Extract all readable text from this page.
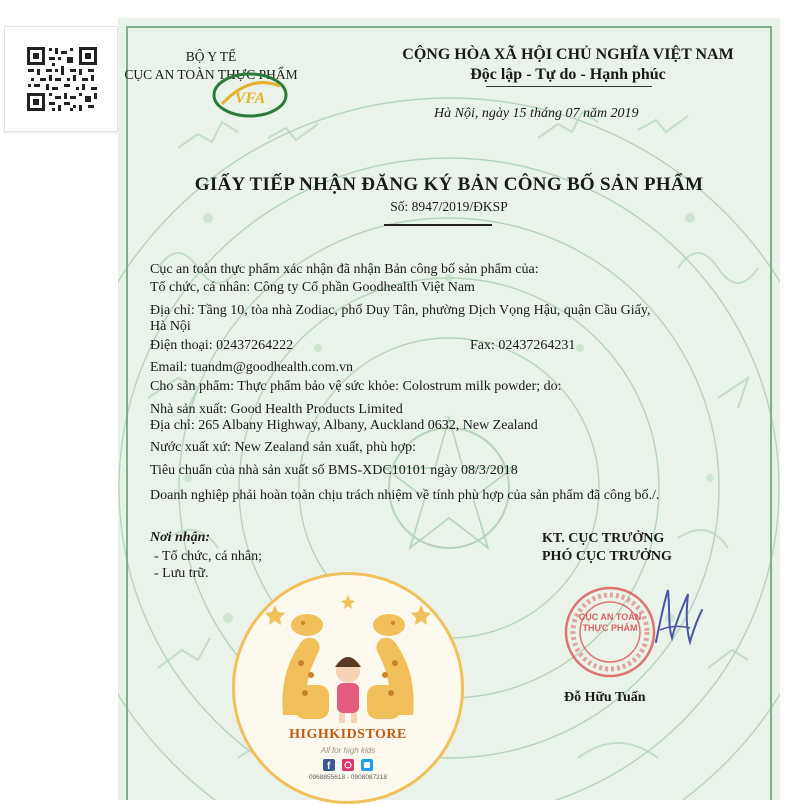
BỘ Y TẾ
CỤC AN TOÀN THỰC PHẨM
VFA
CỘNG HÒA XÃ HỘI CHỦ NGHĨA VIỆT NAM
Độc lập - Tự do - Hạnh phúc
Hà Nội, ngày 15 tháng 07 năm 2019
GIẤY TIẾP NHẬN ĐĂNG KÝ BẢN CÔNG BỐ SẢN PHẨM
Số: 8947/2019/ĐKSP
Cục an toàn thực phẩm xác nhận đã nhận Bản công bố sản phẩm của:
Tổ chức, cá nhân: Công ty Cổ phần Goodhealth Việt Nam
Địa chỉ: Tầng 10, tòa nhà Zodiac, phố Duy Tân, phường Dịch Vọng Hậu, quận Cầu Giấy,
Hà Nội
Điện thoại: 02437264222	Fax: 02437264231
Email: tuandm@goodhealth.com.vn
Cho sản phẩm: Thực phẩm bảo vệ sức khỏe: Colostrum milk powder; do:
Nhà sản xuất: Good Health Products Limited
Địa chỉ: 265 Albany Highway, Albany, Auckland 0632, New Zealand
Nước xuất xứ: New Zealand sản xuất, phù hợp:
Tiêu chuẩn của nhà sản xuất số BMS-XDC10101 ngày 08/3/2018
Doanh nghiệp phải hoàn toàn chịu trách nhiệm về tính phù hợp của sản phẩm đã công bố./.
Nơi nhận:
- Tổ chức, cá nhân;
- Lưu trữ.
KT. CỤC TRƯỞNG
PHÓ CỤC TRƯỞNG
CỤC AN TOÀN THỰC PHẨM
Đỗ Hữu Tuấn
HIGHKIDSTORE
All for high kids
f
0968855618 - 0908087218
